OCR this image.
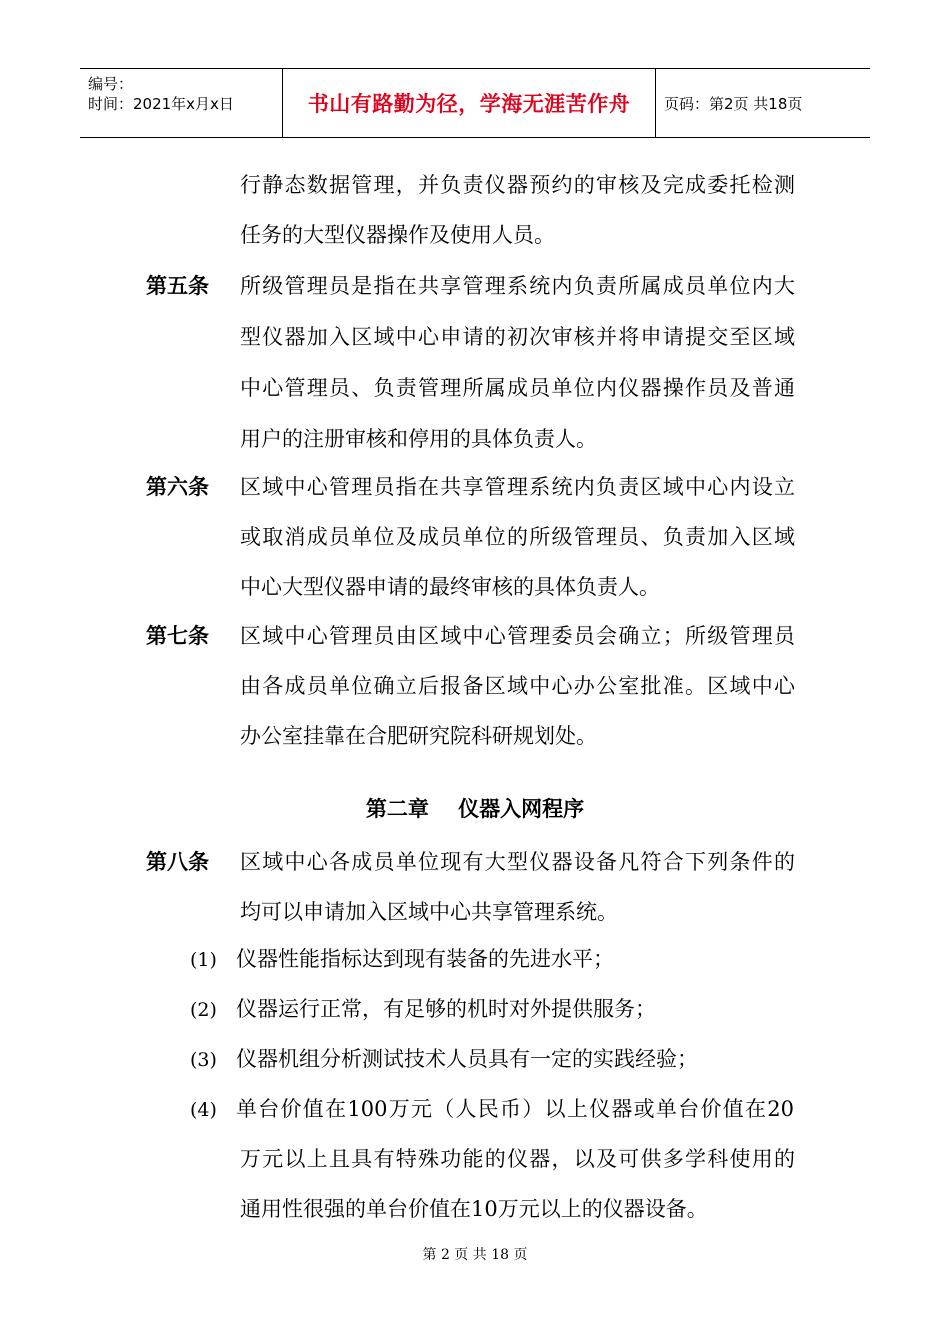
编号：
时间：2021年x月x日	书山有路勤为径，学海无涯苦作舟 页码：第2页 共18页
行静态数据管理，并负责仪器预约的审核及完成委托检测
任务的大型仪器操作及使用人员。
第五条 所级管理员是指在共享管理系统内负责所属成员单位内大
型仪器加入区域中心申请的初次审核并将申请提交至区域
中心管理员、负责管理所属成员单位内仪器操作员及普通
用户的注册审核和停用的具体负责人。
第六条 区域中心管理员指在共享管理系统内负责区域中心内设立
或取消成员单位及成员单位的所级管理员、负责加入区域
中心大型仪器申请的最终审核的具体负责人。
第七条 区域中心管理员由区域中心管理委员会确立；所级管理员
由各成员单位确立后报备区域中心办公室批准。区域中心
办公室挂靠在合肥研究院科研规划处。
第二章    仪器入网程序
第八条 区域中心各成员单位现有大型仪器设备凡符合下列条件的
均可以申请加入区域中心共享管理系统。
(1) 仪器性能指标达到现有装备的先进水平；
(2) 仪器运行正常，有足够的机时对外提供服务；
(3) 仪器机组分析测试技术人员具有一定的实践经验；
(4) 单台价值在100万元（人民币）以上仪器或单台价值在20
万元以上且具有特殊功能的仪器，以及可供多学科使用的
通用性很强的单台价值在10万元以上的仪器设备。
第 2 页 共 18 页
